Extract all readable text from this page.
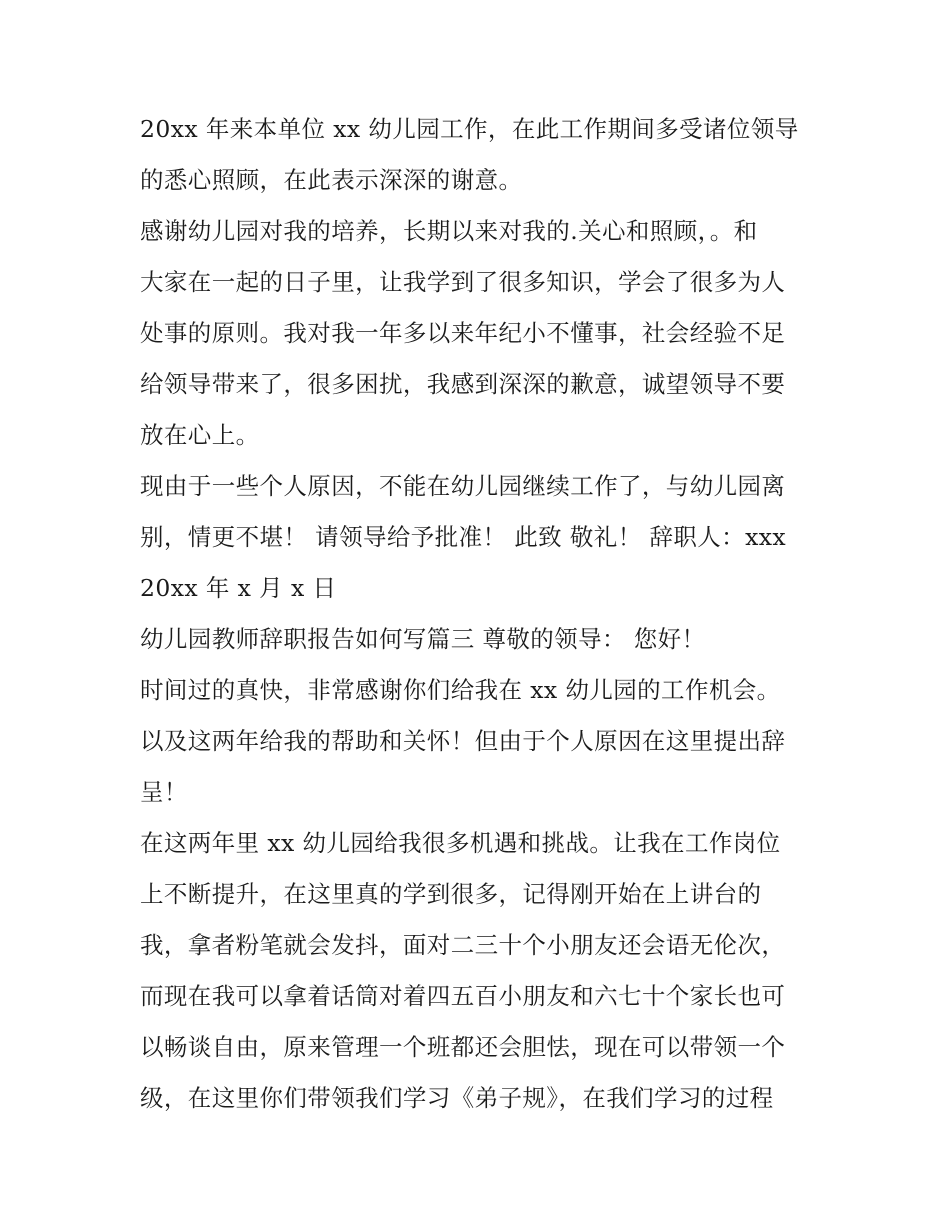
20xx 年来本单位 xx 幼儿园工作，在此工作期间多受诸位领导
的悉心照顾，在此表示深深的谢意。
感谢幼儿园对我的培养，长期以来对我的.关心和照顾，。和
大家在一起的日子里，让我学到了很多知识，学会了很多为人
处事的原则。我对我一年多以来年纪小不懂事，社会经验不足
给领导带来了，很多困扰，我感到深深的歉意，诚望领导不要
放在心上。
现由于一些个人原因，不能在幼儿园继续工作了，与幼儿园离
别，情更不堪！ 请领导给予批准！ 此致 敬礼！ 辞职人：xxx
20xx 年 x 月 x 日
幼儿园教师辞职报告如何写篇三 尊敬的领导： 您好！
时间过的真快，非常感谢你们给我在 xx 幼儿园的工作机会。
以及这两年给我的帮助和关怀！但由于个人原因在这里提出辞
呈！
在这两年里 xx 幼儿园给我很多机遇和挑战。让我在工作岗位
上不断提升，在这里真的学到很多，记得刚开始在上讲台的
我，拿者粉笔就会发抖，面对二三十个小朋友还会语无伦次，
而现在我可以拿着话筒对着四五百小朋友和六七十个家长也可
以畅谈自由，原来管理一个班都还会胆怯，现在可以带领一个
级，在这里你们带领我们学习《弟子规》，在我们学习的过程
